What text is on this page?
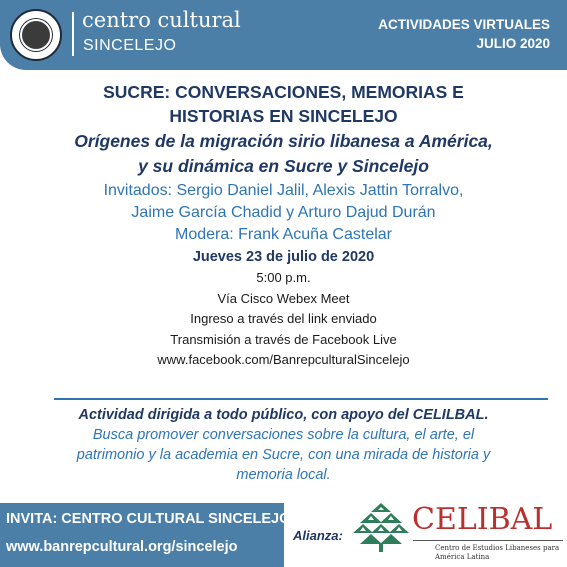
centro cultural
SINCELEJO
ACTIVIDADES VIRTUALES
JULIO 2020
SUCRE: CONVERSACIONES, MEMORIAS E
HISTORIAS EN SINCELEJO
Orígenes de la migración sirio libanesa a América,
y su dinámica en Sucre y Sincelejo
Invitados: Sergio Daniel Jalil, Alexis Jattin Torralvo,
Jaime García Chadid y Arturo Dajud Durán
Modera: Frank Acuña Castelar
Jueves 23 de julio de 2020
5:00 p.m.
Vía Cisco Webex Meet
Ingreso a través del link enviado
Transmisión a través de Facebook Live
www.facebook.com/BanrepculturalSincelejo
Actividad dirigida a todo público, con apoyo del CELILBAL.
Busca promover conversaciones sobre la cultura, el arte, el
patrimonio y la academia en Sucre, con una mirada de historia y
memoria local.
INVITA: CENTRO CULTURAL SINCELEJO
www.banrepcultural.org/sincelejo
Alianza: CELIBAL
Centro de Estudios Libaneses para América Latina
